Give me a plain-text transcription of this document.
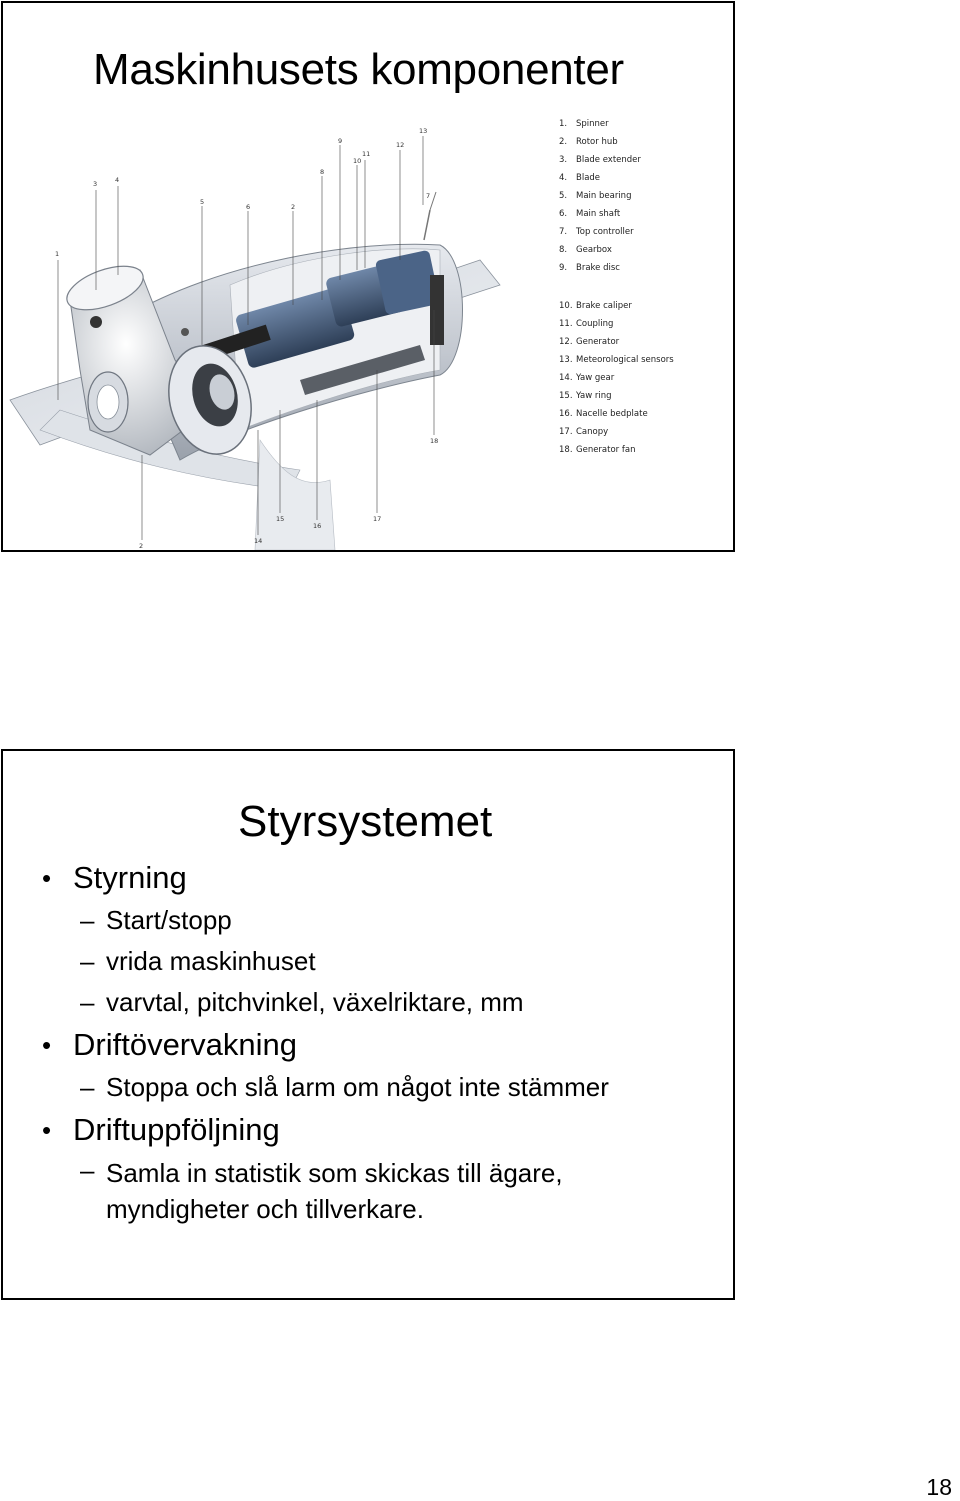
Maskinhusets komponenter
1
2
3	4
5
6	2
8
9
10
11
12
13
7
15
16
17
14
18
1. Spinner
2. Rotor hub
3. Blade extender
4. Blade
5. Main bearing
6. Main shaft
7. Top controller
8. Gearbox
9. Brake disc
10. Brake caliper
11. Coupling
12. Generator
13. Meteorological sensors
14. Yaw gear
15. Yaw ring
16. Nacelle bedplate
17. Canopy
18. Generator fan
Styrsystemet
• Styrning
– Start/stopp
– vrida maskinhuset
– varvtal, pitchvinkel, växelriktare, mm
• Driftövervakning
– Stoppa och slå larm om något inte stämmer
• Driftuppföljning
– Samla in statistik som skickas till ägare,
myndigheter och tillverkare.
18
